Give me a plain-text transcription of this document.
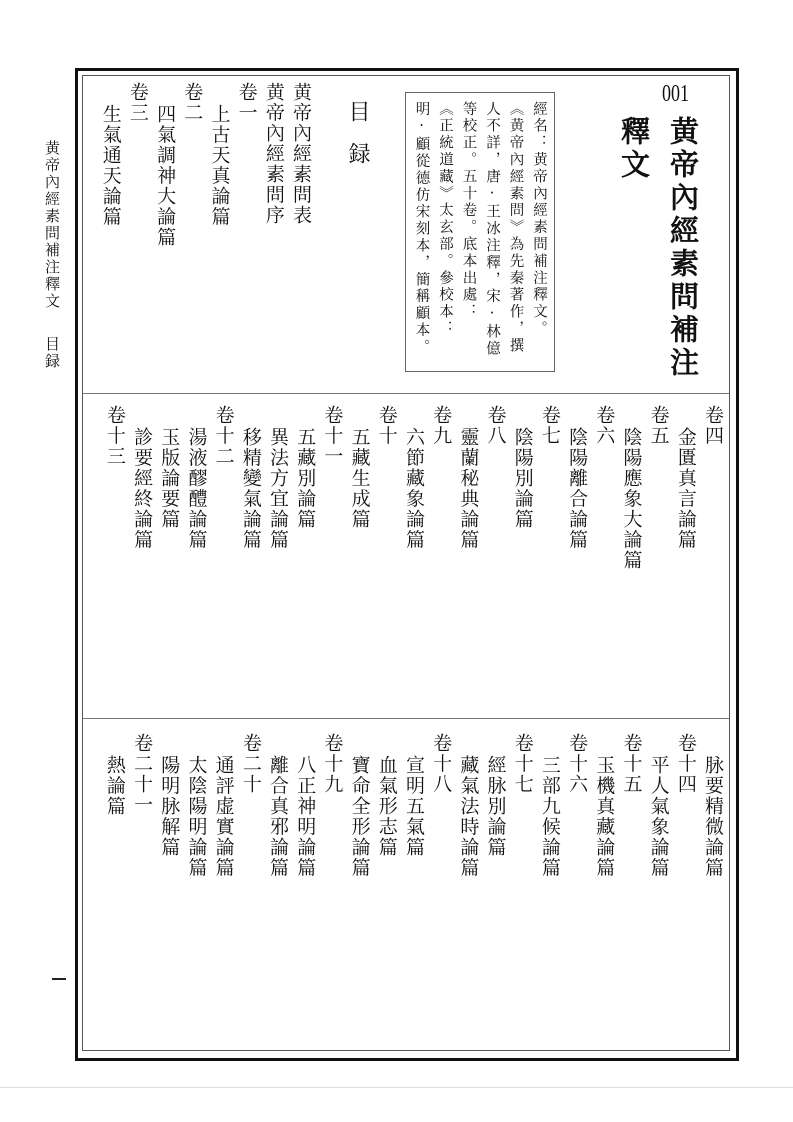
黄帝內經素問補注釋文目録
001
黄帝內經素問補注
釋文
經名：黄帝內經素問補注釋文。
《黄帝內經素問》為先秦著作，撰
人不詳，唐·王冰注釋，宋·林億
等校正。五十卷。底本出處：
《正統道藏》太玄部。參校本：
明·顧從德仿宋刻本，簡稱顧本。
目録
黄帝內經素問表
黄帝內經素問序
卷一
上古天真論篇
卷二
四氣調神大論篇
卷三
生氣通天論篇
卷四
金匱真言論篇
卷五
陰陽應象大論篇
卷六
陰陽離合論篇
卷七
陰陽別論篇
卷八
靈蘭秘典論篇
卷九
六節藏象論篇
卷十
五藏生成篇
卷十一
五藏別論篇
異法方宜論篇
移精變氣論篇
卷十二
湯液醪醴論篇
玉版論要篇
診要經終論篇
卷十三
脉要精微論篇
卷十四
平人氣象論篇
卷十五
玉機真藏論篇
卷十六
三部九候論篇
卷十七
經脉別論篇
藏氣法時論篇
卷十八
宣明五氣篇
血氣形志篇
寶命全形論篇
卷十九
八正神明論篇
離合真邪論篇
卷二十
通評虚實論篇
太陰陽明論篇
陽明脉解篇
卷二十一
熱論篇
